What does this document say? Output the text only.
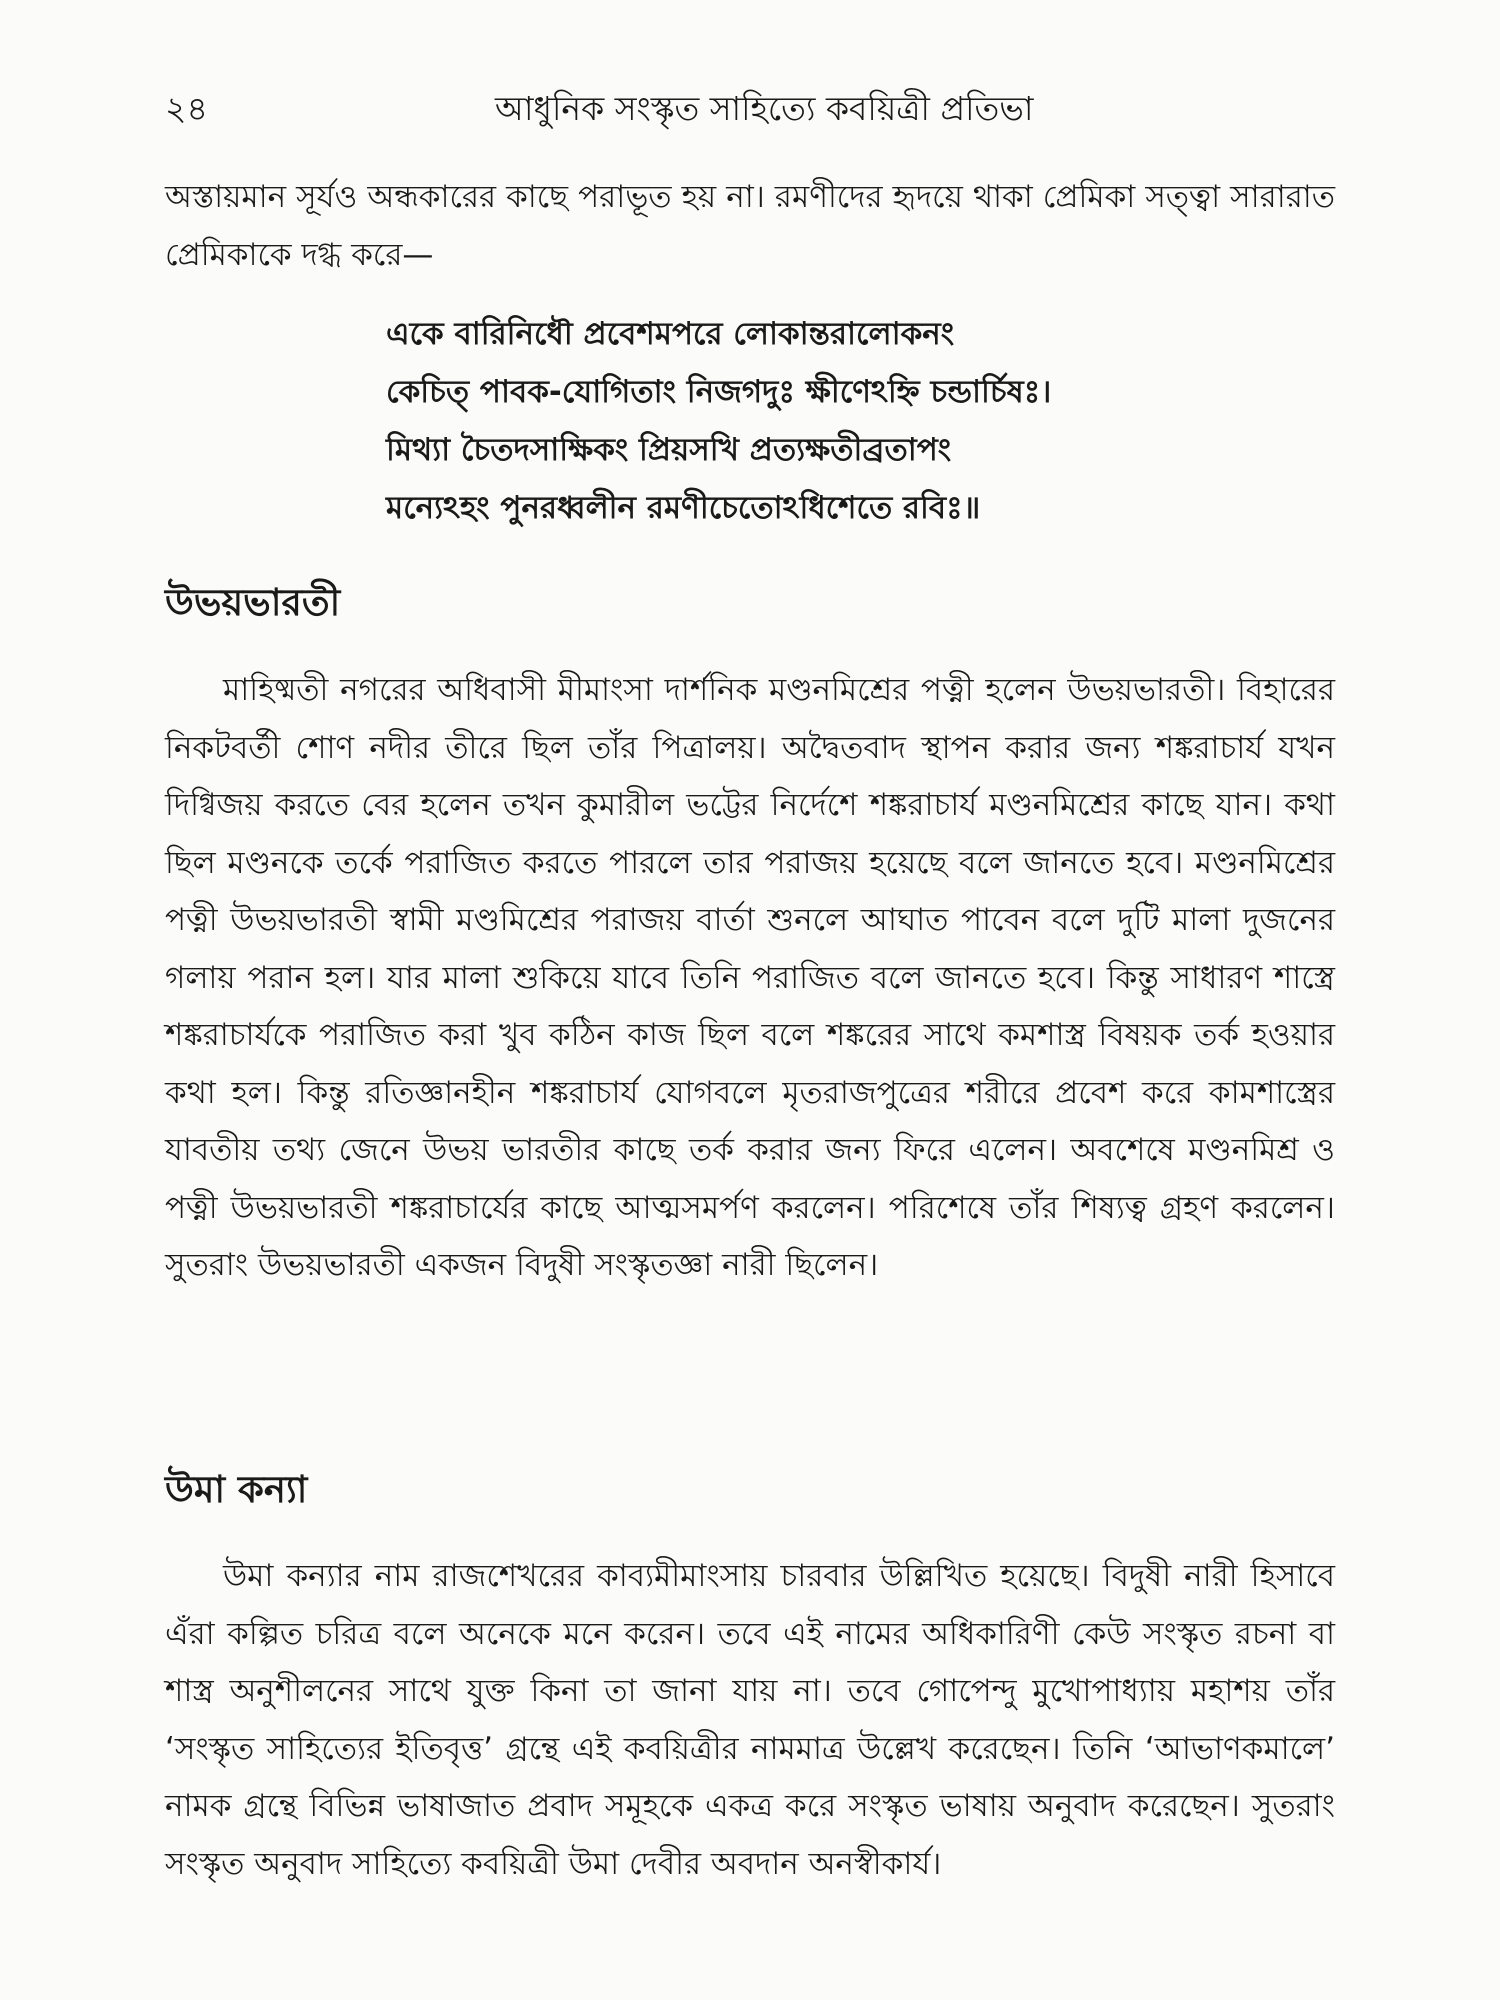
২৪	আধুনিক সংস্কৃত সাহিত্যে কবয়িত্রী প্রতিভা

অস্তায়মান সূর্যও অন্ধকারের কাছে পরাভূত হয় না। রমণীদের হৃদয়ে থাকা প্রেমিকা সত্ত্বা সারারাত প্রেমিকাকে দগ্ধ করে—

একে বারিনিধৌ প্রবেশমপরে লোকান্তরালোকনং
কেচিত্ পাবক-যোগিতাং নিজগদুঃ ক্ষীণেঽহ্নি চন্ডার্চিষঃ।
মিথ্যা চৈতদসাক্ষিকং প্রিয়সখি প্রত্যক্ষতীব্রতাপং
মন্যেঽহং পুনরধ্বলীন রমণীচেতোঽধিশেতে রবিঃ॥
উভয়ভারতী

মাহিষ্মতী নগরের অধিবাসী মীমাংসা দার্শনিক মণ্ডনমিশ্রের পত্নী হলেন উভয়ভারতী। বিহারের নিকটবর্তী শোণ নদীর তীরে ছিল তাঁর পিত্রালয়। অদ্বৈতবাদ স্থাপন করার জন্য শঙ্করাচার্য যখন দিগ্বিজয় করতে বের হলেন তখন কুমারীল ভট্টের নির্দেশে শঙ্করাচার্য মণ্ডনমিশ্রের কাছে যান। কথা ছিল মণ্ডনকে তর্কে পরাজিত করতে পারলে তার পরাজয় হয়েছে বলে জানতে হবে। মণ্ডনমিশ্রের পত্নী উভয়ভারতী স্বামী মণ্ডমিশ্রের পরাজয় বার্তা শুনলে আঘাত পাবেন বলে দুটি মালা দুজনের গলায় পরান হল। যার মালা শুকিয়ে যাবে তিনি পরাজিত বলে জানতে হবে। কিন্তু সাধারণ শাস্ত্রে শঙ্করাচার্যকে পরাজিত করা খুব কঠিন কাজ ছিল বলে শঙ্করের সাথে কমশাস্ত্র বিষয়ক তর্ক হওয়ার কথা হল। কিন্তু রতিজ্ঞানহীন শঙ্করাচার্য যোগবলে মৃতরাজপুত্রের শরীরে প্রবেশ করে কামশাস্ত্রের যাবতীয় তথ্য জেনে উভয় ভারতীর কাছে তর্ক করার জন্য ফিরে এলেন। অবশেষে মণ্ডনমিশ্র ও পত্নী উভয়ভারতী শঙ্করাচার্যের কাছে আত্মসমর্পণ করলেন। পরিশেষে তাঁর শিষ্যত্ব গ্রহণ করলেন। সুতরাং উভয়ভারতী একজন বিদুষী সংস্কৃতজ্ঞা নারী ছিলেন।

উমা কন্যা

উমা কন্যার নাম রাজশেখরের কাব্যমীমাংসায় চারবার উল্লিখিত হয়েছে। বিদুষী নারী হিসাবে এঁরা কল্পিত চরিত্র বলে অনেকে মনে করেন। তবে এই নামের অধিকারিণী কেউ সংস্কৃত রচনা বা শাস্ত্র অনুশীলনের সাথে যুক্ত কিনা তা জানা যায় না। তবে গোপেন্দু মুখোপাধ্যায় মহাশয় তাঁর ‘সংস্কৃত সাহিত্যের ইতিবৃত্ত’ গ্রন্থে এই কবয়িত্রীর নামমাত্র উল্লেখ করেছেন। তিনি ‘আভাণকমালে’ নামক গ্রন্থে বিভিন্ন ভাষাজাত প্রবাদ সমূহকে একত্র করে সংস্কৃত ভাষায় অনুবাদ করেছেন। সুতরাং সংস্কৃত অনুবাদ সাহিত্যে কবয়িত্রী উমা দেবীর অবদান অনস্বীকার্য।
